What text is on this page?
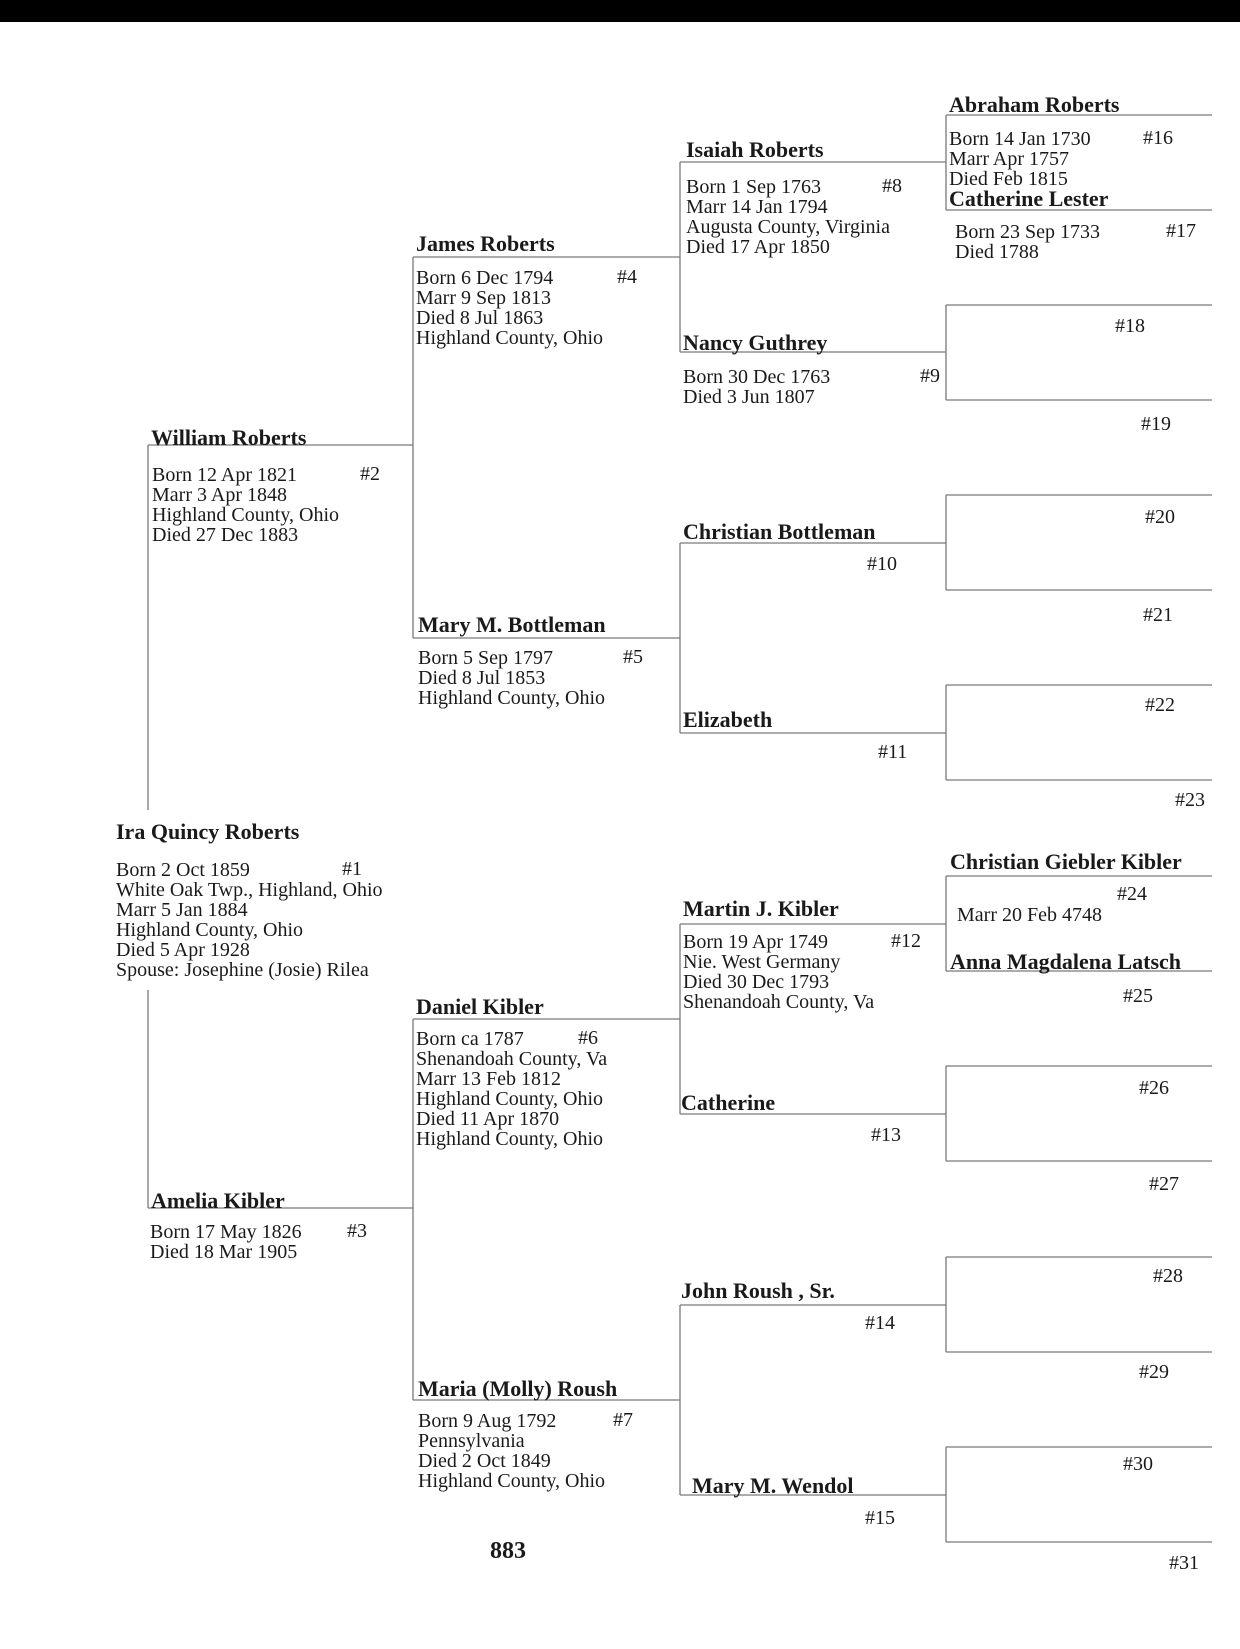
Ira Quincy Roberts
#1
Born 2 Oct 1859
White Oak Twp., Highland, Ohio
Marr 5 Jan 1884
Highland County, Ohio
Died 5 Apr 1928
Spouse: Josephine (Josie) Rilea
William Roberts
#2
Born 12 Apr 1821
Marr 3 Apr 1848
Highland County, Ohio
Died 27 Dec 1883
Amelia Kibler
#3
Born 17 May 1826
Died 18 Mar 1905
James Roberts
#4
Born 6 Dec 1794
Marr 9 Sep 1813
Died 8 Jul 1863
Highland County, Ohio
Mary M. Bottleman
#5
Born 5 Sep 1797
Died 8 Jul 1853
Highland County, Ohio
Daniel Kibler
#6
Born ca 1787
Shenandoah County, Va
Marr 13 Feb 1812
Highland County, Ohio
Died 11 Apr 1870
Highland County, Ohio
Maria (Molly) Roush
#7
Born 9 Aug 1792
Pennsylvania
Died 2 Oct 1849
Highland County, Ohio
Isaiah Roberts
#8
Born 1 Sep 1763
Marr 14 Jan 1794
Augusta County, Virginia
Died 17 Apr 1850
Nancy Guthrey
#9
Born 30 Dec 1763
Died 3 Jun 1807
Christian Bottleman
#10
Elizabeth
#11
Martin J. Kibler
#12
Born 19 Apr 1749
Nie. West Germany
Died 30 Dec 1793
Shenandoah County, Va
Catherine
#13
John Roush , Sr.
#14
Mary M. Wendol
#15
Abraham Roberts
#16
Born 14 Jan 1730
Marr Apr 1757
Died Feb 1815
Catherine Lester
#17
Born 23 Sep 1733
Died 1788
Christian Giebler Kibler
#24
Marr 20 Feb 4748
Anna Magdalena Latsch
#25
#18
#19
#20
#21
#22
#23
#26
#27
#28
#29
#30
#31
883
